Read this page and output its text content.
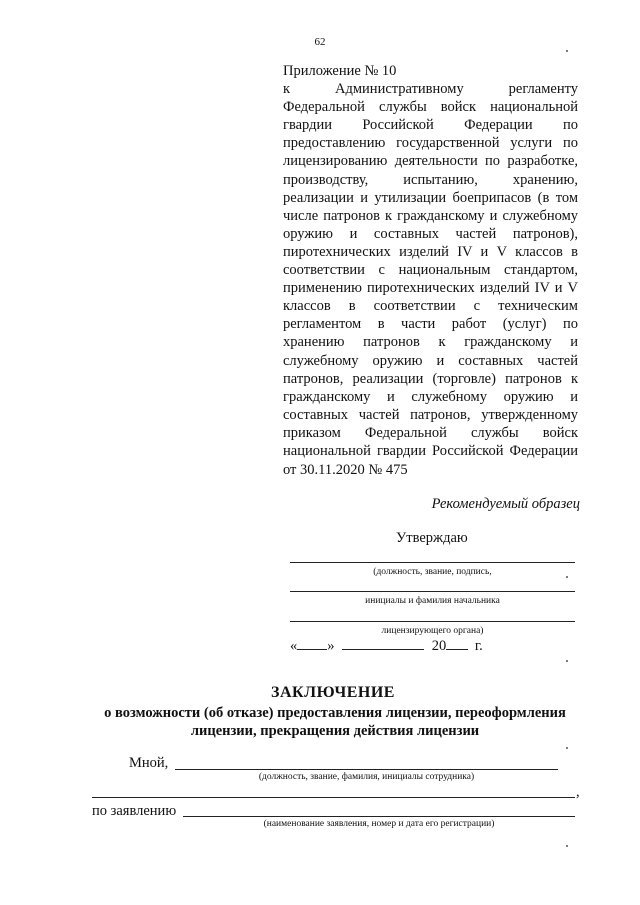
62
Приложение № 10
к Административному регламенту Федеральной службы войск национальной гвардии Российской Федерации по предоставлению государственной услуги по лицензированию деятельности по разработке, производству, испытанию, хранению, реализации и утилизации боеприпасов (в том числе патронов к гражданскому и служебному оружию и составных частей патронов), пиротехнических изделий IV и V классов в соответствии с национальным стандартом, применению пиротехнических изделий IV и V классов в соответствии с техническим регламентом в части работ (услуг) по хранению патронов к гражданскому и служебному оружию и составных частей патронов, реализации (торговле) патронов к гражданскому и служебному оружию и составных частей патронов, утвержденному приказом Федеральной службы войск национальной гвардии Российской Федерации
от 30.11.2020 № 475
Рекомендуемый образец
Утверждаю
(должность, звание, подпись,
инициалы и фамилия начальника
лицензирующего органа)
« »	20 г.
ЗАКЛЮЧЕНИЕ
о возможности (об отказе) предоставления лицензии, переоформления лицензии, прекращения действия лицензии
Мной,
(должность, звание, фамилия, инициалы сотрудника)
,
по заявлению
(наименование заявления, номер и дата его регистрации)
